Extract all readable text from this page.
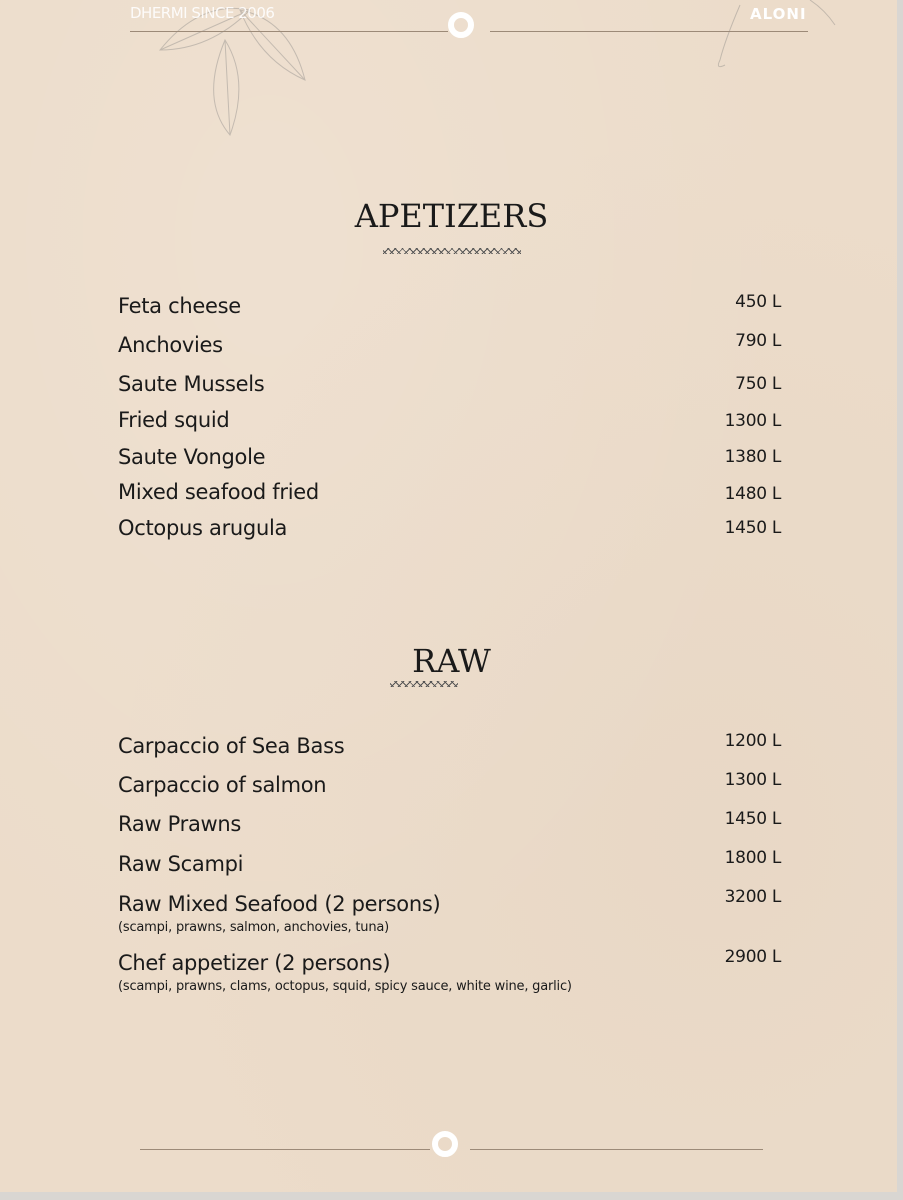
DHERMI SINCE 2006	ALONI
APETIZERS
Feta cheese	450 L
Anchovies	790 L
Saute Mussels	750 L
Fried squid	1300 L
Saute Vongole	1380 L
Mixed seafood fried	1480 L
Octopus arugula	1450 L
RAW
Carpaccio of Sea Bass	1200 L
Carpaccio of salmon	1300 L
Raw Prawns	1450 L
Raw Scampi	1800 L
Raw Mixed Seafood (2 persons)	3200 L
(scampi, prawns, salmon, anchovies, tuna)
Chef appetizer (2 persons)	2900 L
(scampi, prawns, clams, octopus, squid, spicy sauce, white wine, garlic)
